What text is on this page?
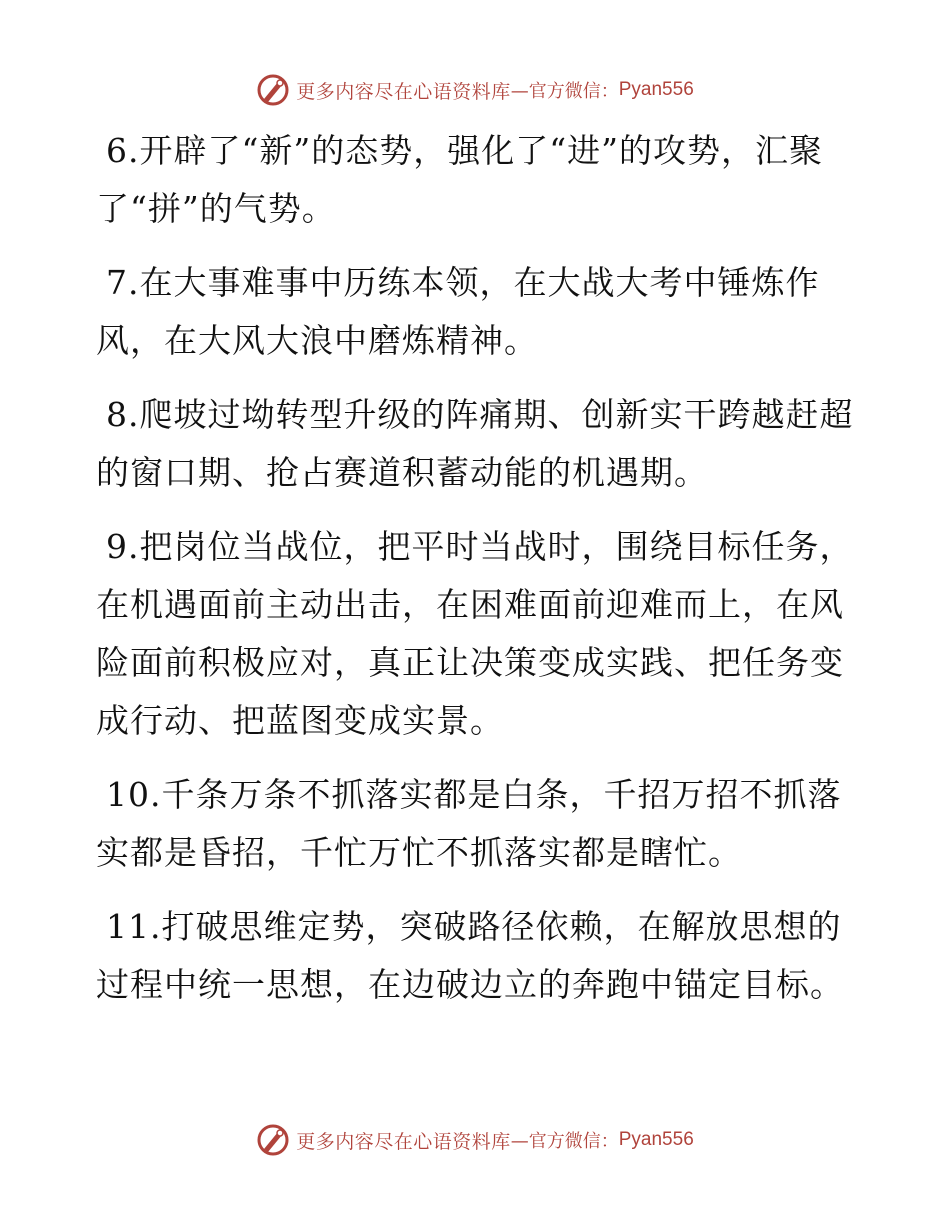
更多内容尽在心语资料库 —官方微信： Pyan556

6.开辟了“新”的态势，强化了“进”的攻势，汇聚了“拼”的气势。

7.在大事难事中历练本领，在大战大考中锤炼作风，在大风大浪中磨炼精神。

8.爬坡过坳转型升级的阵痛期、创新实干跨越赶超的窗口期、抢占赛道积蓄动能的机遇期。

9.把岗位当战位，把平时当战时，围绕目标任务，在机遇面前主动出击，在困难面前迎难而上，在风险面前积极应对，真正让决策变成实践、把任务变成行动、把蓝图变成实景。

10.千条万条不抓落实都是白条，千招万招不抓落实都是昏招，千忙万忙不抓落实都是瞎忙。

11.打破思维定势，突破路径依赖，在解放思想的过程中统一思想，在边破边立的奔跑中锚定目标。

更多内容尽在心语资料库 —官方微信： Pyan556
